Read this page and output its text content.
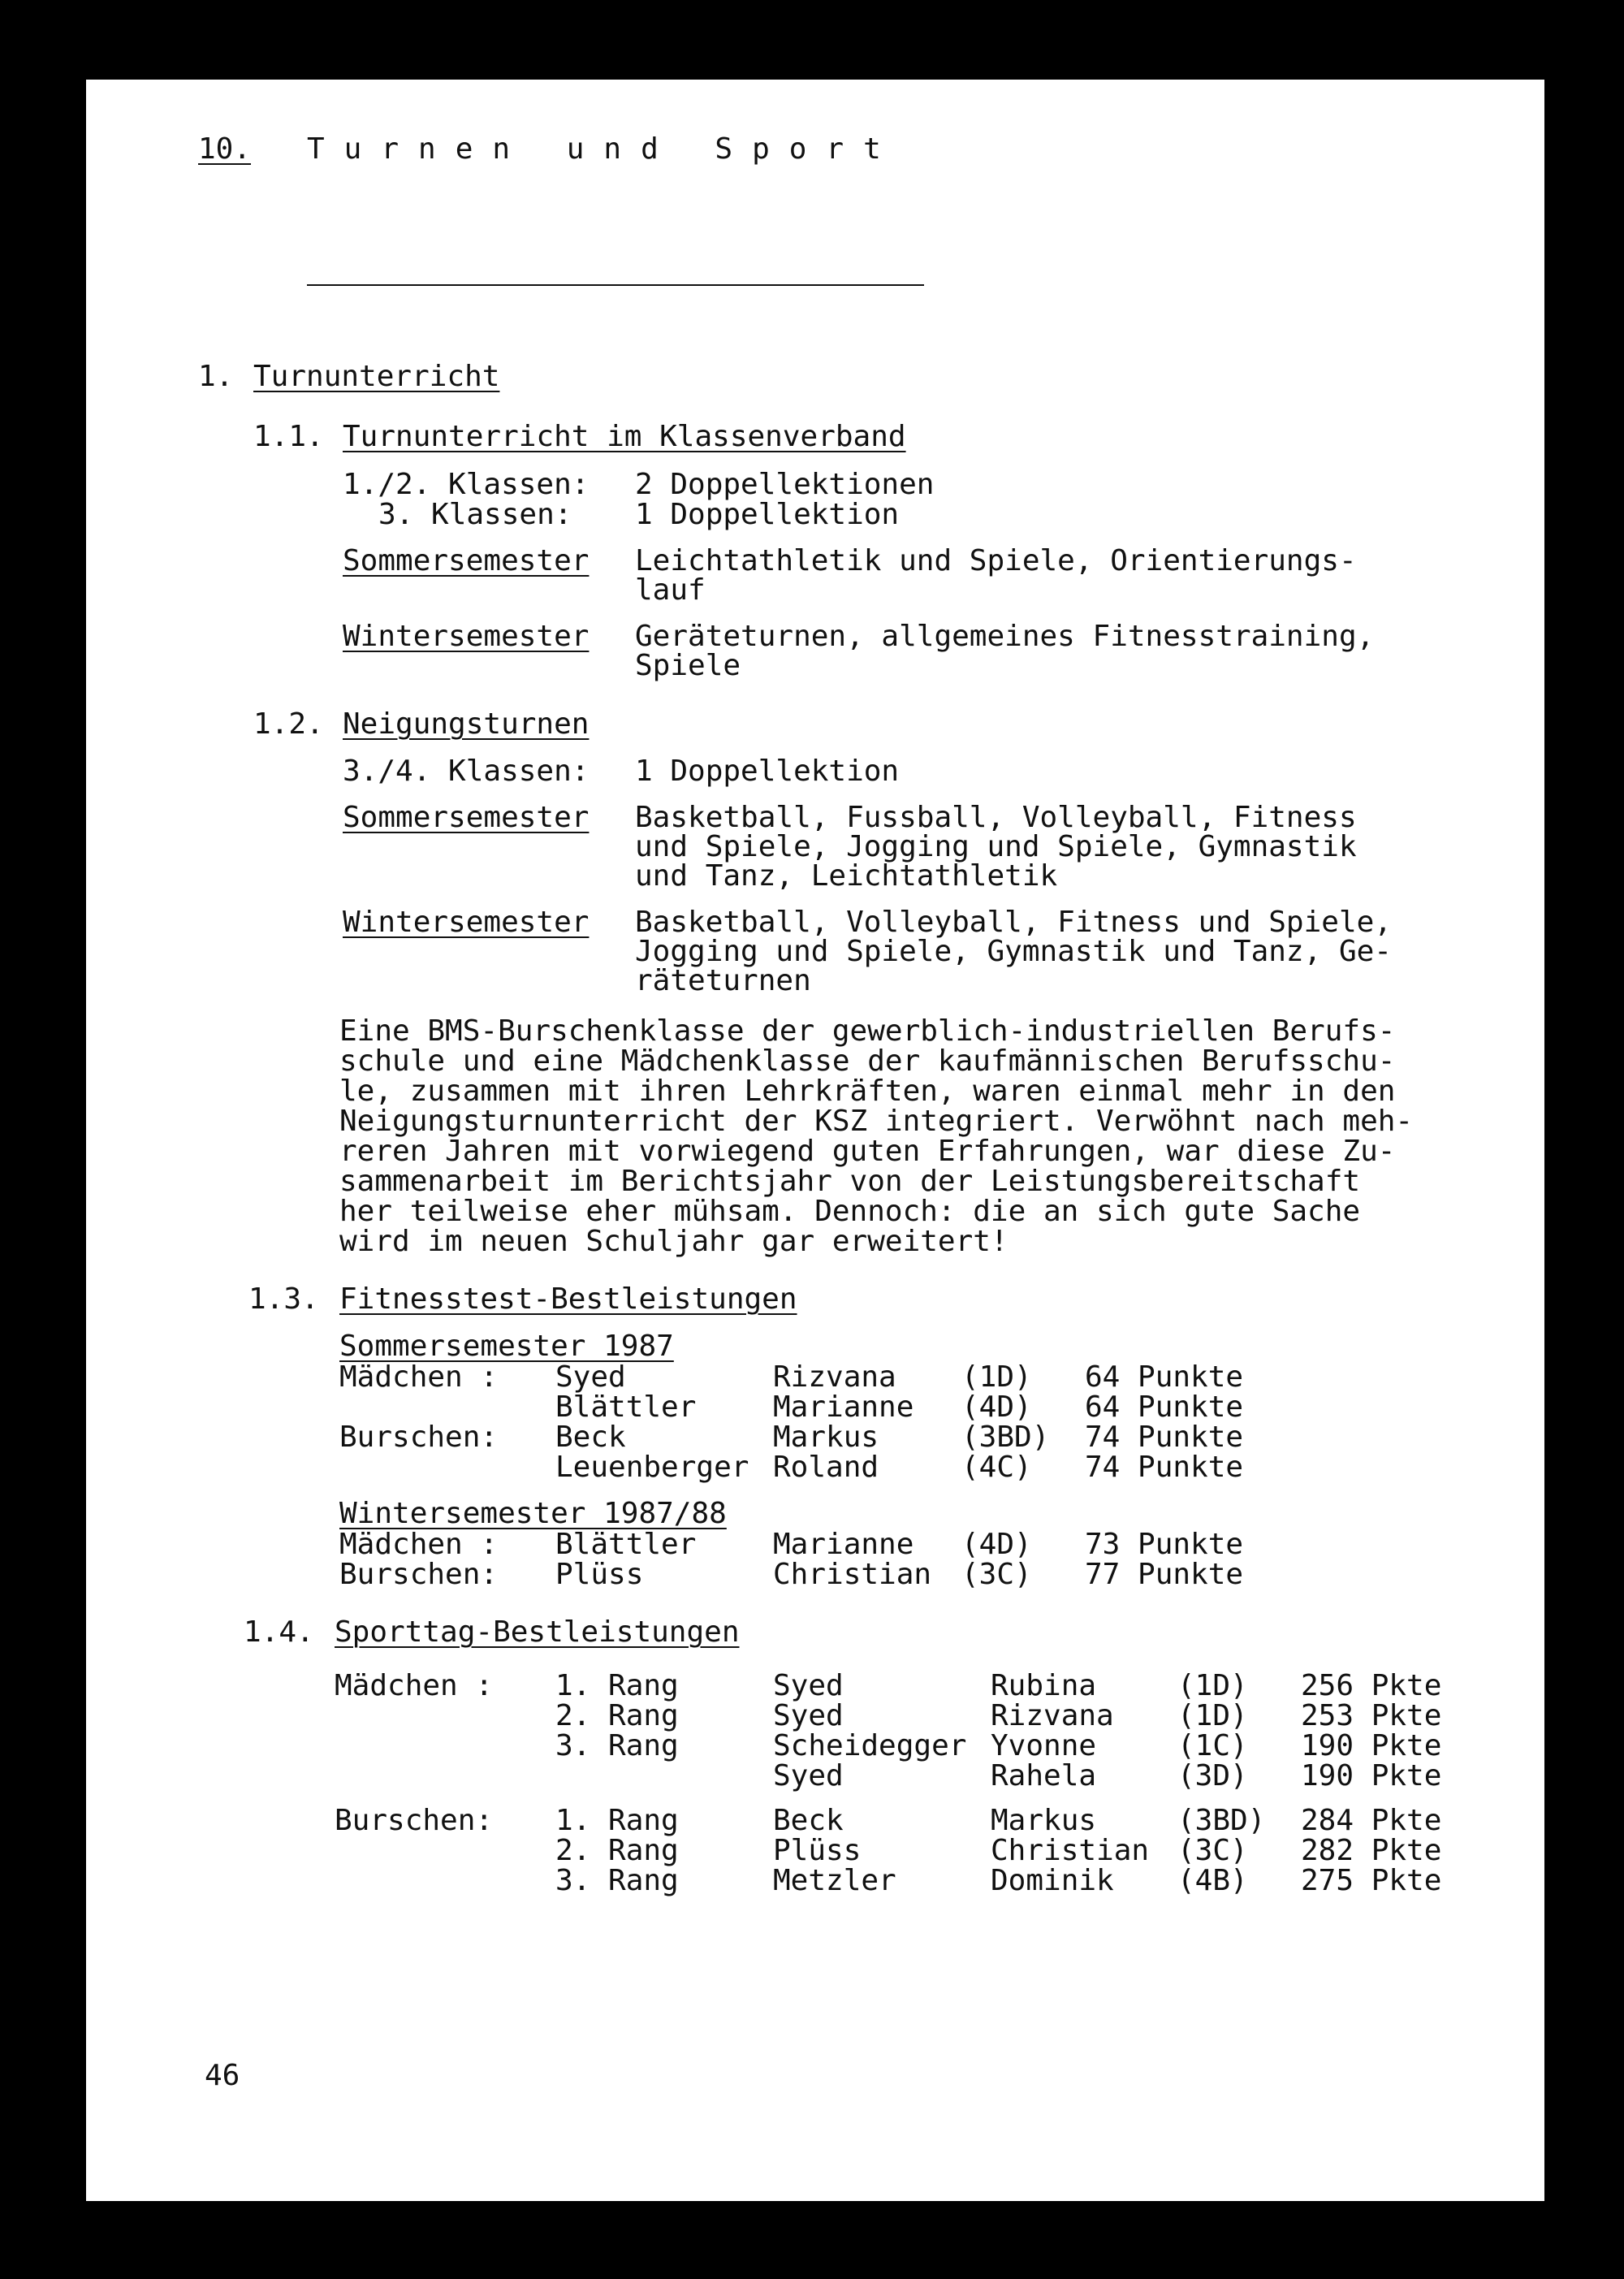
10. Turnen und Sport
1. Turnunterricht
1.1. Turnunterricht im Klassenverband
1./2. Klassen: 2 Doppellektionen
3. Klassen: 1 Doppellektion
Sommersemester Leichtathletik und Spiele, Orientierungs-
lauf
Wintersemester Geräteturnen, allgemeines Fitnesstraining,
Spiele
1.2. Neigungsturnen
3./4. Klassen: 1 Doppellektion
Sommersemester Basketball, Fussball, Volleyball, Fitness
und Spiele, Jogging und Spiele, Gymnastik
und Tanz, Leichtathletik
Wintersemester Basketball, Volleyball, Fitness und Spiele,
Jogging und Spiele, Gymnastik und Tanz, Ge-
räteturnen
Eine BMS-Burschenklasse der gewerblich-industriellen Berufs-
schule und eine Mädchenklasse der kaufmännischen Berufsschu-
le, zusammen mit ihren Lehrkräften, waren einmal mehr in den
Neigungsturnunterricht der KSZ integriert. Verwöhnt nach meh-
reren Jahren mit vorwiegend guten Erfahrungen, war diese Zu-
sammenarbeit im Berichtsjahr von der Leistungsbereitschaft
her teilweise eher mühsam. Dennoch: die an sich gute Sache
wird im neuen Schuljahr gar erweitert!
1.3. Fitnesstest-Bestleistungen
Sommersemester 1987
Mädchen : Syed	Rizvana (1D) 64 Punkte
Blättler	Marianne (4D) 64 Punkte
Burschen: Beck	Markus	(3BD) 74 Punkte
Leuenberger Roland	(4C) 74 Punkte
Wintersemester 1987/88
Mädchen : Blättler	Marianne (4D) 73 Punkte
Burschen: Plüss	Christian (3C) 77 Punkte
1.4. Sporttag-Bestleistungen
Mädchen : 1. Rang	Syed	Rubina	(1D) 256 Pkte
2. Rang	Syed	Rizvana (1D) 253 Pkte
3. Rang	Scheidegger Yvonne	(1C) 190 Pkte
Syed	Rahela	(3D) 190 Pkte
Burschen: 1. Rang	Beck	Markus	(3BD) 284 Pkte
2. Rang	Plüss	Christian (3C) 282 Pkte
3. Rang	Metzler	Dominik (4B) 275 Pkte
46
